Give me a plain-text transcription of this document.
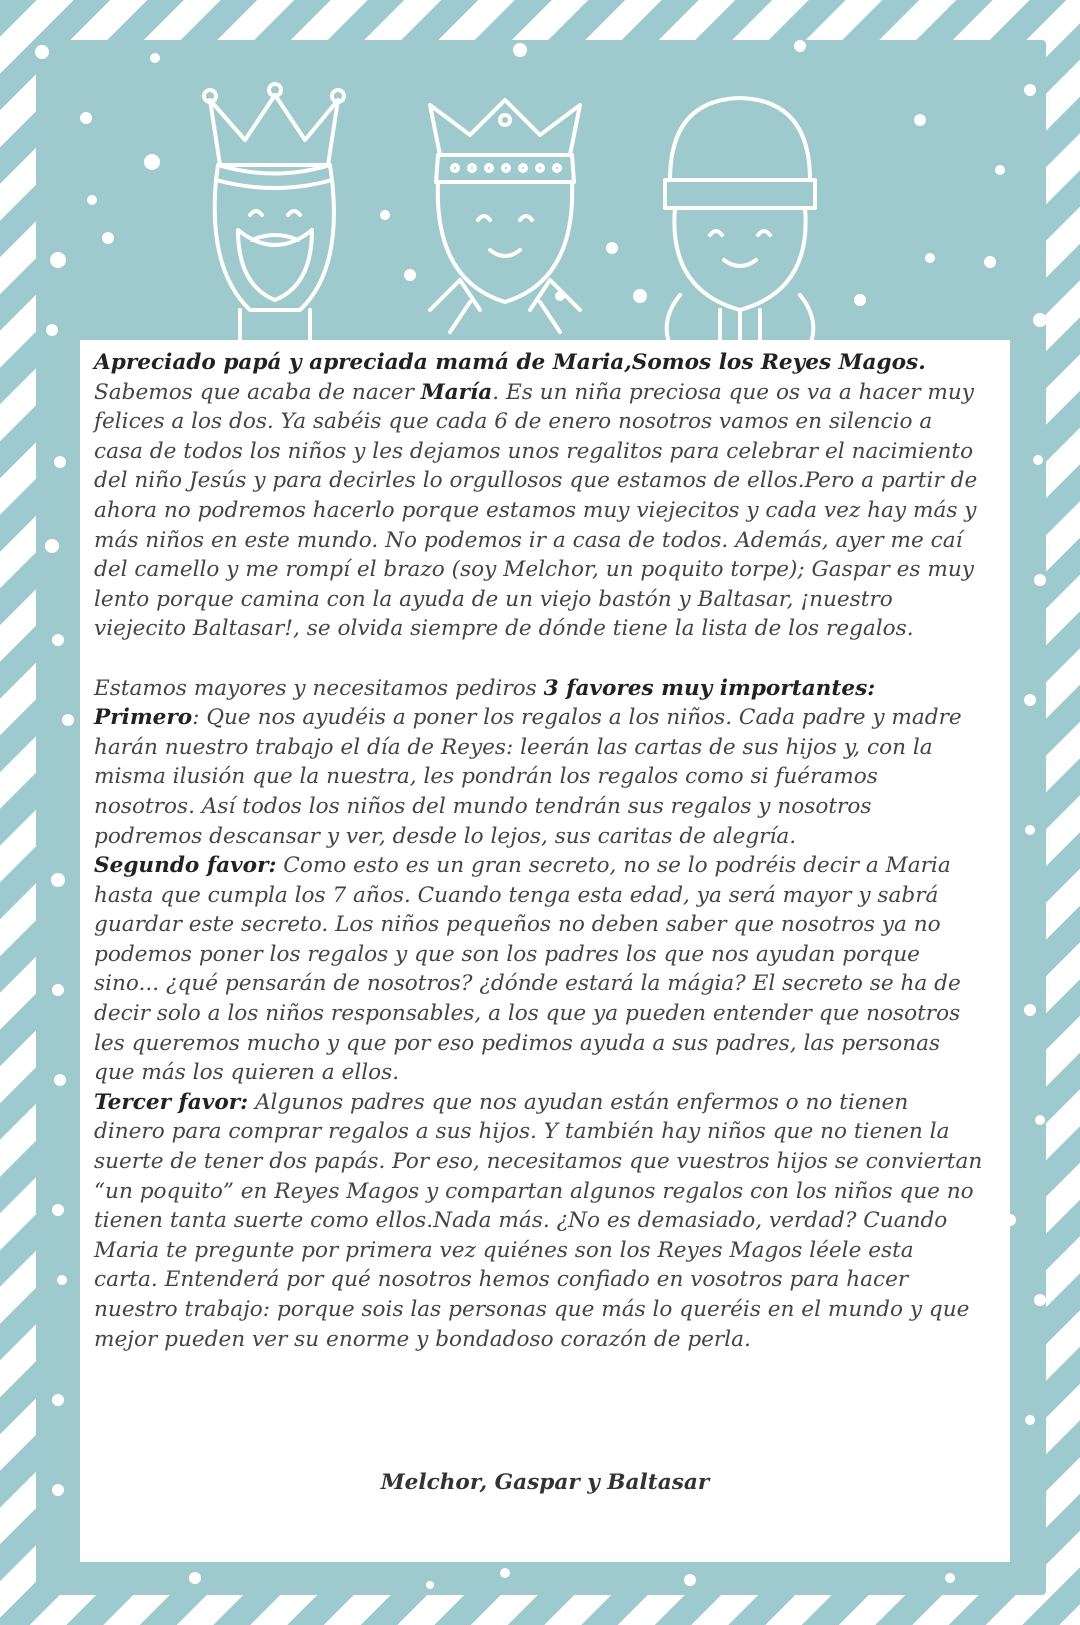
Apreciado papá y apreciada mamá de Maria,Somos los Reyes Magos. Sabemos que acaba de nacer María. Es un niña preciosa que os va a hacer muy felices a los dos. Ya sabéis que cada 6 de enero nosotros vamos en silencio a casa de todos los niños y les dejamos unos regalitos para celebrar el nacimiento del niño Jesús y para decirles lo orgullosos que estamos de ellos.Pero a partir de ahora no podremos hacerlo porque estamos muy viejecitos y cada vez hay más y más niños en este mundo. No podemos ir a casa de todos. Además, ayer me caí del camello y me rompí el brazo (soy Melchor, un poquito torpe); Gaspar es muy lento porque camina con la ayuda de un viejo bastón y Baltasar, ¡nuestro viejecito Baltasar!, se olvida siempre de dónde tiene la lista de los regalos.

Estamos mayores y necesitamos pediros 3 favores muy importantes:

Primero: Que nos ayudéis a poner los regalos a los niños. Cada padre y madre harán nuestro trabajo el día de Reyes: leerán las cartas de sus hijos y, con la misma ilusión que la nuestra, les pondrán los regalos como si fuéramos nosotros. Así todos los niños del mundo tendrán sus regalos y nosotros podremos descansar y ver, desde lo lejos, sus caritas de alegría.

Segundo favor: Como esto es un gran secreto, no se lo podréis decir a Maria hasta que cumpla los 7 años. Cuando tenga esta edad, ya será mayor y sabrá guardar este secreto. Los niños pequeños no deben saber que nosotros ya no podemos poner los regalos y que son los padres los que nos ayudan porque sino... ¿qué pensarán de nosotros? ¿dónde estará la mágia? El secreto se ha de decir solo a los niños responsables, a los que ya pueden entender que nosotros les queremos mucho y que por eso pedimos ayuda a sus padres, las personas que más los quieren a ellos.

Tercer favor: Algunos padres que nos ayudan están enfermos o no tienen dinero para comprar regalos a sus hijos. Y también hay niños que no tienen la suerte de tener dos papás. Por eso, necesitamos que vuestros hijos se conviertan “un poquito” en Reyes Magos y compartan algunos regalos con los niños que no tienen tanta suerte como ellos.Nada más. ¿No es demasiado, verdad? Cuando Maria te pregunte por primera vez quiénes son los Reyes Magos léele esta carta. Entenderá por qué nosotros hemos confiado en vosotros para hacer nuestro trabajo: porque sois las personas que más lo queréis en el mundo y que mejor pueden ver su enorme y bondadoso corazón de perla.

Melchor, Gaspar y Baltasar
